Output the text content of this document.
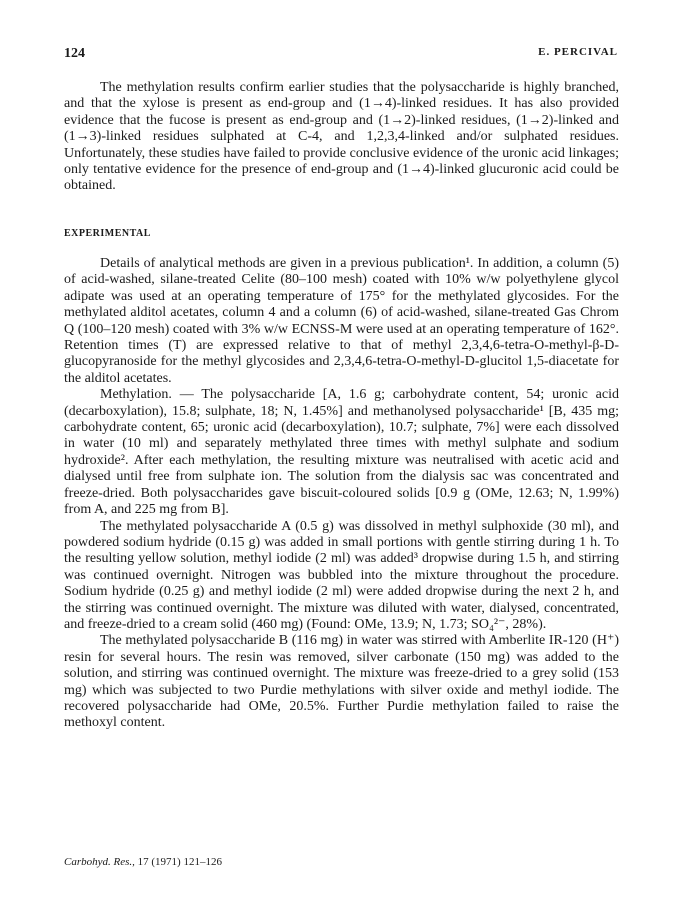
124	E. PERCIVAL

The methylation results confirm earlier studies that the polysaccharide is highly branched, and that the xylose is present as end-group and (1→4)-linked residues. It has also provided evidence that the fucose is present as end-group and (1→2)-linked residues, (1→2)-linked and (1→3)-linked residues sulphated at C-4, and 1,2,3,4-linked and/or sulphated residues. Unfortunately, these studies have failed to provide conclusive evidence of the uronic acid linkages; only tentative evidence for the presence of end-group and (1→4)-linked glucuronic acid could be obtained.

EXPERIMENTAL

Details of analytical methods are given in a previous publication¹. In addition, a column (5) of acid-washed, silane-treated Celite (80–100 mesh) coated with 10% w/w polyethylene glycol adipate was used at an operating temperature of 175° for the methylated glycosides. For the methylated alditol acetates, column 4 and a column (6) of acid-washed, silane-treated Gas Chrom Q (100–120 mesh) coated with 3% w/w ECNSS-M were used at an operating temperature of 162°. Retention times (T) are expressed relative to that of methyl 2,3,4,6-tetra-O-methyl-β-D-glucopyranoside for the methyl glycosides and 2,3,4,6-tetra-O-methyl-D-glucitol 1,5-diacetate for the alditol acetates.

Methylation. — The polysaccharide [A, 1.6 g; carbohydrate content, 54; uronic acid (decarboxylation), 15.8; sulphate, 18; N, 1.45%] and methanolysed polysaccharide¹ [B, 435 mg; carbohydrate content, 65; uronic acid (decarboxylation), 10.7; sulphate, 7%] were each dissolved in water (10 ml) and separately methylated three times with methyl sulphate and sodium hydroxide². After each methylation, the resulting mixture was neutralised with acetic acid and dialysed until free from sulphate ion. The solution from the dialysis sac was concentrated and freeze-dried. Both polysaccharides gave biscuit-coloured solids [0.9 g (OMe, 12.63; N, 1.99%) from A, and 225 mg from B].

The methylated polysaccharide A (0.5 g) was dissolved in methyl sulphoxide (30 ml), and powdered sodium hydride (0.15 g) was added in small portions with gentle stirring during 1 h. To the resulting yellow solution, methyl iodide (2 ml) was added³ dropwise during 1.5 h, and stirring was continued overnight. Nitrogen was bubbled into the mixture throughout the procedure. Sodium hydride (0.25 g) and methyl iodide (2 ml) were added dropwise during the next 2 h, and the stirring was continued overnight. The mixture was diluted with water, dialysed, concentrated, and freeze-dried to a cream solid (460 mg) (Found: OMe, 13.9; N, 1.73; SO₄²⁻, 28%).

The methylated polysaccharide B (116 mg) in water was stirred with Amberlite IR-120 (H⁺) resin for several hours. The resin was removed, silver carbonate (150 mg) was added to the solution, and stirring was continued overnight. The mixture was freeze-dried to a grey solid (153 mg) which was subjected to two Purdie methylations with silver oxide and methyl iodide. The recovered polysaccharide had OMe, 20.5%. Further Purdie methylation failed to raise the methoxyl content.

Carbohyd. Res., 17 (1971) 121–126
